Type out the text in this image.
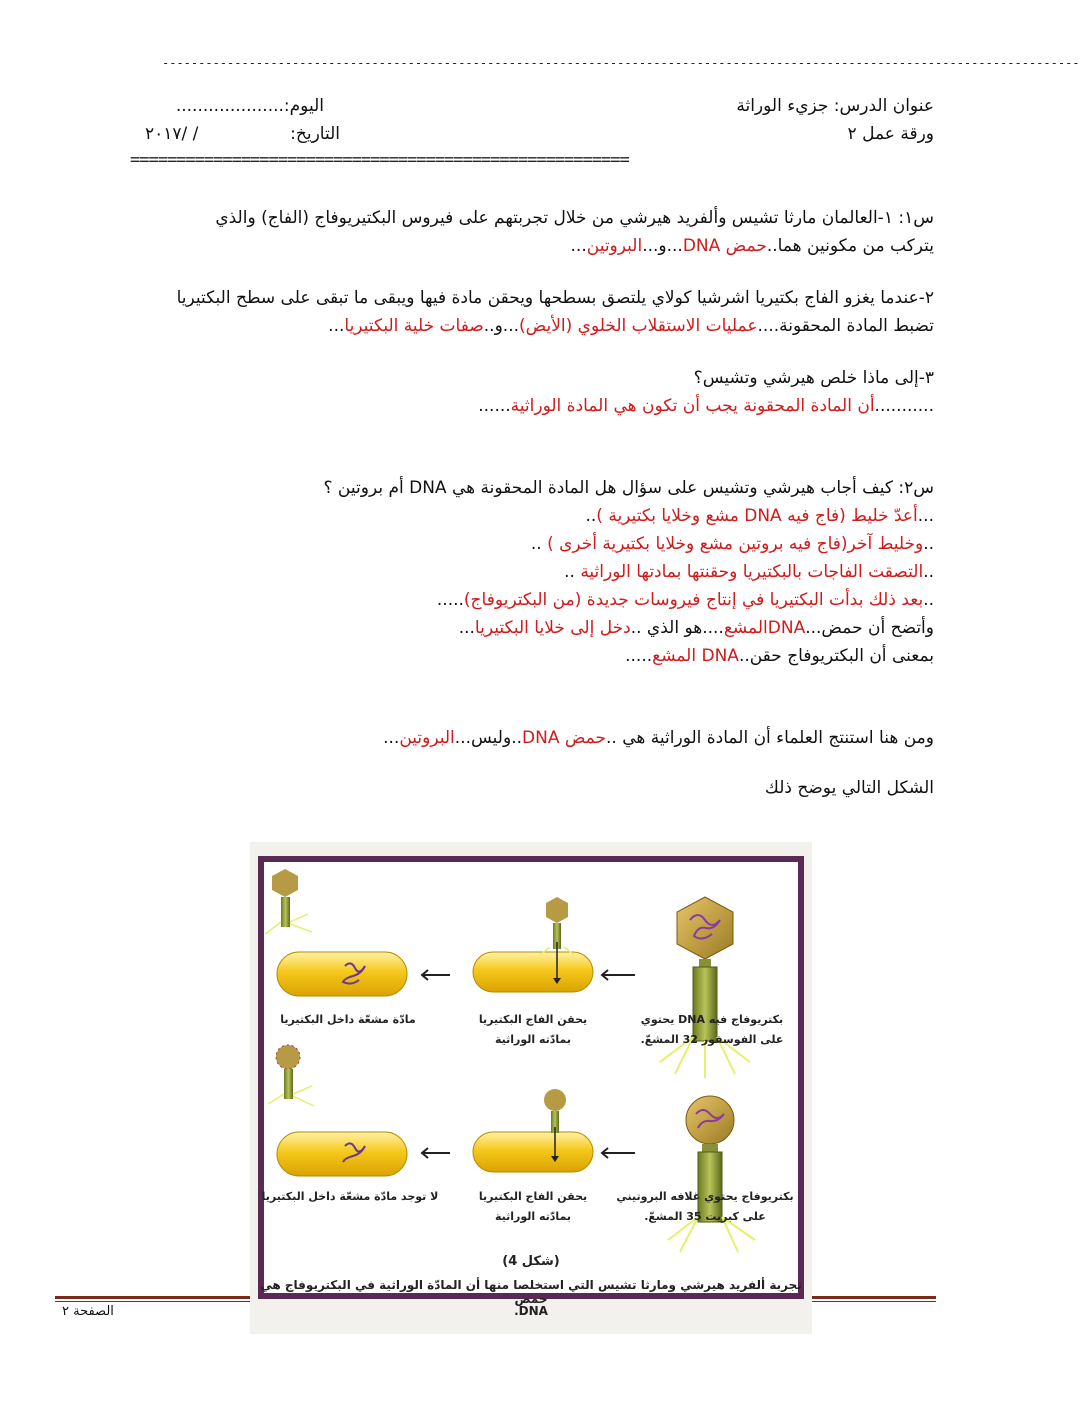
-------------------------------------------------------------------------------------------------------------------------------
عنوان الدرس: جزيء الوراثة
اليوم:....................
ورقة عمل ٢
التاريخ:
/ /٢٠١٧
======================================================
س١: ١-العالمان مارثا تشيس وألفريد هيرشي من خلال تجربتهم على فيروس البكتيريوفاج (الفاج) والذي
يتركب من مكونين هما..حمض DNA...و...البروتين...
٢-عندما يغزو الفاج بكتيريا اشرشيا كولاي يلتصق بسطحها ويحقن مادة فيها ويبقى ما تبقى على سطح البكتيريا
تضبط المادة المحقونة....عمليات الاستقلاب الخلوي (الأيض)...و..صفات خلية البكتيريا...
٣-إلى ماذا خلص هيرشي وتشيس؟
...........أن المادة المحقونة يجب أن تكون هي المادة الوراثية......
س٢: كيف أجاب هيرشي وتشيس على سؤال هل المادة المحقونة هي DNA أم بروتين ؟
...أعدّ خليط (فاج فيه DNA مشع وخلايا بكتيرية )..
..وخليط آخر(فاج فيه بروتين مشع وخلايا بكتيرية أخرى ) ..
..التصقت الفاجات بالبكتيريا وحقنتها بمادتها الوراثية ..
..بعد ذلك بدأت البكتيريا في إنتاج فيروسات جديدة (من البكتريوفاج).....
وأتضح أن حمض...DNAالمشع....هو الذي ..دخل إلى خلايا البكتيريا...
بمعنى أن البكتريوفاج حقن..DNA المشع.....
ومن هنا استنتج العلماء أن المادة الوراثية هي ..حمض DNA..وليس...البروتين...
الشكل التالي يوضح ذلك
بكتريوفاج فيه DNA يحتوي
على الفوسفور 32 المشعّ.
يحقن الفاج البكتيريا
بمادّته الوراثية
مادّة مشعّة داخل البكتيريا
بكتريوفاج يحتوي غلافه البروتيني
على كبريت 35 المشعّ.
يحقن الفاج البكتيريا
بمادّته الوراثية
لا توجد مادّة مشعّة داخل البكتيريا
(شكل 4)
تجربة ألفريد هيرشي ومارثا تشيس التي استخلصا منها أن المادّة الوراثية في البكتريوفاج هي حمض
.DNA
الصفحة ٢
